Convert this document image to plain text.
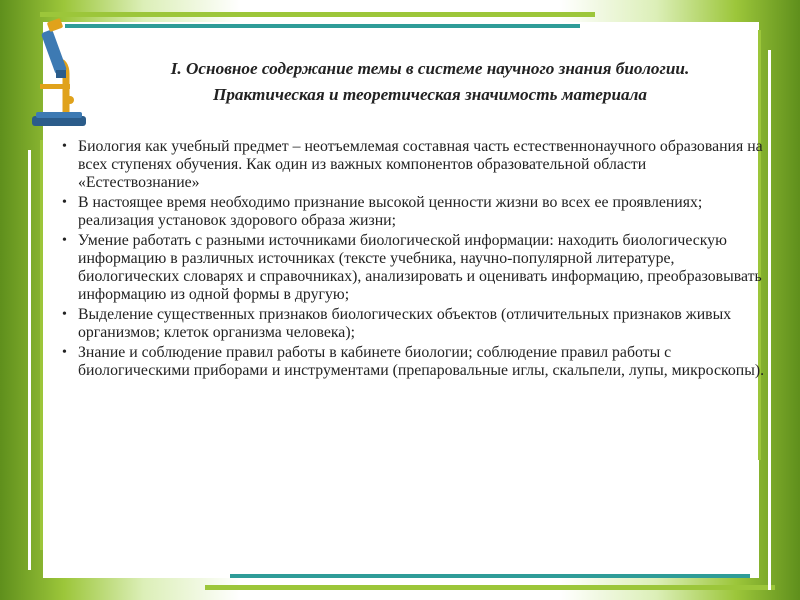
I. Основное содержание темы в системе научного знания биологии.
Практическая и теоретическая значимость материала
• Биология как учебный предмет – неотъемлемая составная часть естественнонаучного образования на всех ступенях обучения. Как один из важных компонентов образовательной области «Естествознание»
• В настоящее время необходимо признание высокой ценности жизни во всех ее проявлениях; реализация установок здорового образа жизни;
• Умение работать с разными источниками биологической информации: находить биологическую информацию в различных источниках (тексте учебника, научно-популярной литературе, биологических словарях и справочниках), анализировать и оценивать информацию, преобразовывать информацию из одной формы в другую;
• Выделение существенных признаков биологических объектов (отличительных признаков живых организмов; клеток организма человека);
• Знание и соблюдение правил работы в кабинете биологии; соблюдение правил работы с биологическими приборами и инструментами (препаровальные иглы, скальпели, лупы, микроскопы).
